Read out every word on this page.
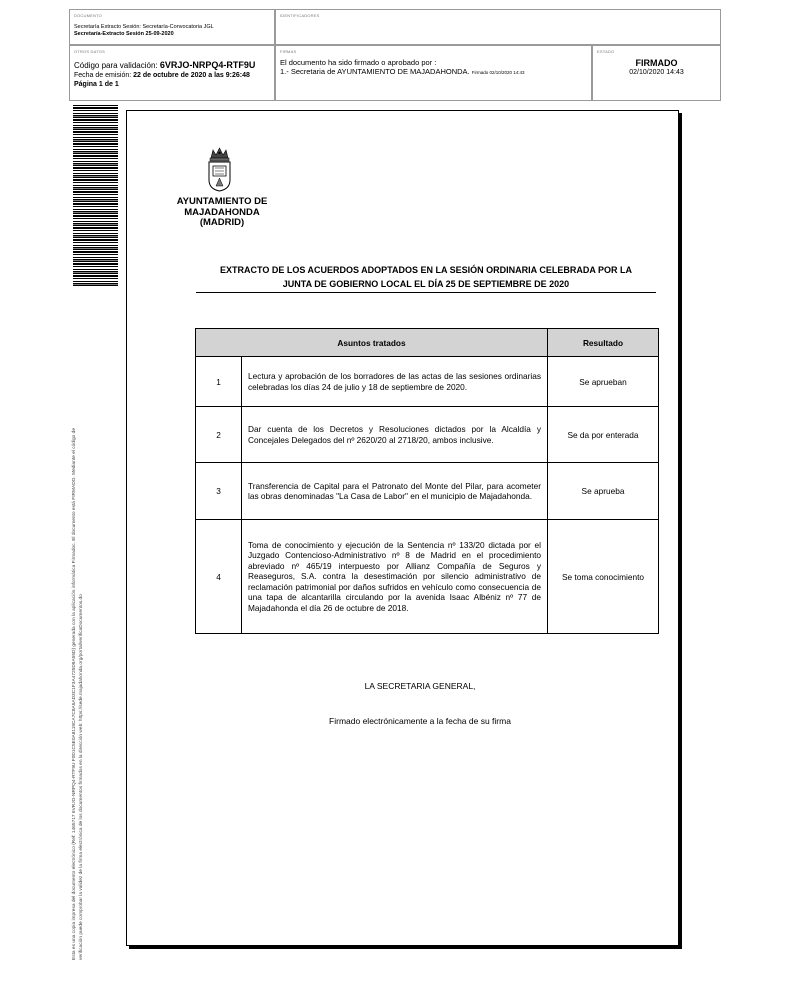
DOCUMENTO
Secretaría Extracto Sesión: Secretaría-Convocatoria JGL
Secretaría-Extracto Sesión 25-09-2020
IDENTIFICADORES
OTROS DATOS
Código para validación: 6VRJO-NRPQ4-RTF9U
Fecha de emisión: 22 de octubre de 2020 a las 9:26:48
Página 1 de 1
FIRMAS
El documento ha sido firmado o aprobado por :
1.- Secretaria de AYUNTAMIENTO DE MAJADAHONDA. Firmado 02/10/2020 14:43
ESTADO
FIRMADO
02/10/2020 14:43
Esta es una copia impresa del documento electrónico (Ref: 1465717 6VRJO-NRPQ4-RTF9U F0D1C5E0A8119CA7C8A5AD3C1F3A4725D9A55D) generada con la aplicación informática Firmadoc. El documento está FIRMADO. Mediante el código de verificación puede comprobar la validez de la firma electrónica de los documentos firmados en la dirección web: https://sede.majadahonda.org/portal/verificaDocumentos.do
AYUNTAMIENTO DE
MAJADAHONDA
(MADRID)
EXTRACTO DE LOS ACUERDOS ADOPTADOS EN LA SESIÓN ORDINARIA CELEBRADA POR LA
JUNTA DE GOBIERNO LOCAL EL DÍA 25 DE SEPTIEMBRE DE 2020
Asuntos tratados		Resultado
1	Lectura y aprobación de los borradores de las actas de las sesiones ordinarias celebradas los días 24 de julio y 18 de septiembre de 2020.	Se aprueban
2	Dar cuenta de los Decretos y Resoluciones dictados por la Alcaldía y Concejales Delegados del nº 2620/20 al 2718/20, ambos inclusive.	Se da por enterada
3	Transferencia de Capital para el Patronato del Monte del Pilar, para acometer las obras denominadas "La Casa de Labor" en el municipio de Majadahonda.	Se aprueba
4	Toma de conocimiento y ejecución de la Sentencia nº 133/20 dictada por el Juzgado Contencioso-Administrativo nº 8 de Madrid en el procedimiento abreviado nº 465/19 interpuesto por Allianz Compañía de Seguros y Reaseguros, S.A. contra la desestimación por silencio administrativo de reclamación patrimonial por daños sufridos en vehículo como consecuencia de una tapa de alcantarilla circulando por la avenida Isaac Albéniz nº 77 de Majadahonda el día 26 de octubre de 2018.	Se toma conocimiento
LA SECRETARIA GENERAL,
Firmado electrónicamente a la fecha de su firma
